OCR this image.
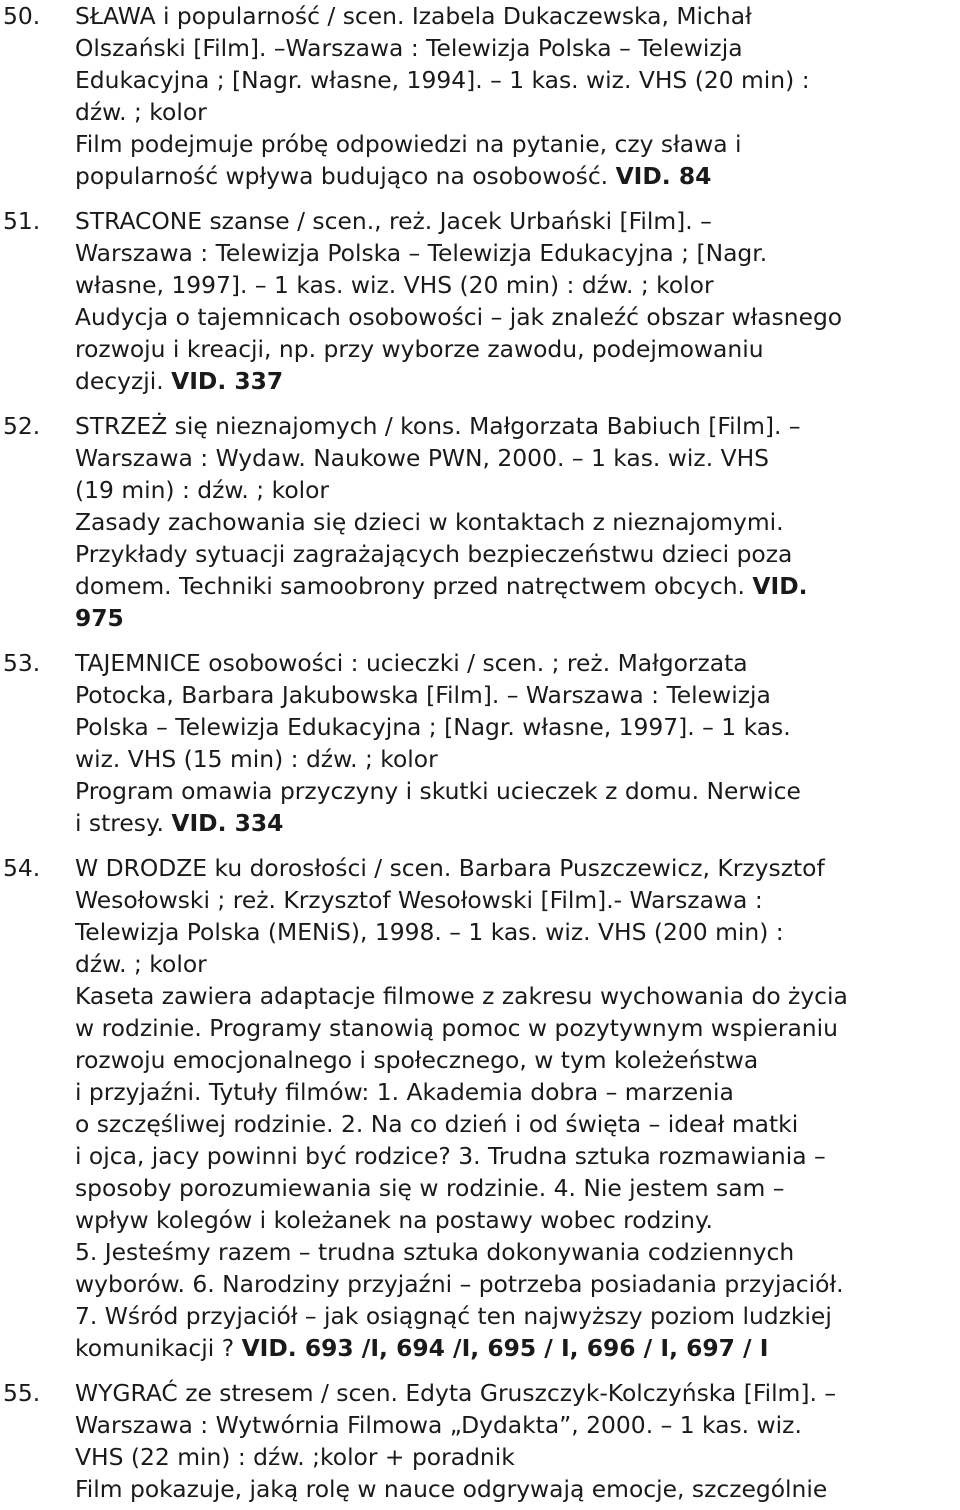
50. SŁAWA i popularność / scen. Izabela Dukaczewska, Michał
Olszański [Film]. –Warszawa : Telewizja Polska – Telewizja
Edukacyjna ; [Nagr. własne, 1994]. – 1 kas. wiz. VHS (20 min) :
dźw. ; kolor
Film podejmuje próbę odpowiedzi na pytanie, czy sława i
popularność wpływa budująco na osobowość. VID. 84
51. STRACONE szanse / scen., reż. Jacek Urbański [Film]. –
Warszawa : Telewizja Polska – Telewizja Edukacyjna ; [Nagr.
własne, 1997]. – 1 kas. wiz. VHS (20 min) : dźw. ; kolor
Audycja o tajemnicach osobowości – jak znaleźć obszar własnego
rozwoju i kreacji, np. przy wyborze zawodu, podejmowaniu
decyzji. VID. 337
52. STRZEŻ się nieznajomych / kons. Małgorzata Babiuch [Film]. –
Warszawa : Wydaw. Naukowe PWN, 2000. – 1 kas. wiz. VHS
(19 min) : dźw. ; kolor
Zasady zachowania się dzieci w kontaktach z nieznajomymi.
Przykłady sytuacji zagrażających bezpieczeństwu dzieci poza
domem. Techniki samoobrony przed natręctwem obcych. VID.
975
53. TAJEMNICE osobowości : ucieczki / scen. ; reż. Małgorzata
Potocka, Barbara Jakubowska [Film]. – Warszawa : Telewizja
Polska – Telewizja Edukacyjna ; [Nagr. własne, 1997]. – 1 kas.
wiz. VHS (15 min) : dźw. ; kolor
Program omawia przyczyny i skutki ucieczek z domu. Nerwice
i stresy. VID. 334
54. W DRODZE ku dorosłości / scen. Barbara Puszczewicz, Krzysztof
Wesołowski ; reż. Krzysztof Wesołowski [Film].- Warszawa :
Telewizja Polska (MENiS), 1998. – 1 kas. wiz. VHS (200 min) :
dźw. ; kolor
Kaseta zawiera adaptacje filmowe z zakresu wychowania do życia
w rodzinie. Programy stanowią pomoc w pozytywnym wspieraniu
rozwoju emocjonalnego i społecznego, w tym koleżeństwa
i przyjaźni. Tytuły filmów: 1. Akademia dobra – marzenia
o szczęśliwej rodzinie. 2. Na co dzień i od święta – ideał matki
i ojca, jacy powinni być rodzice? 3. Trudna sztuka rozmawiania –
sposoby porozumiewania się w rodzinie. 4. Nie jestem sam –
wpływ kolegów i koleżanek na postawy wobec rodziny.
5. Jesteśmy razem – trudna sztuka dokonywania codziennych
wyborów. 6. Narodziny przyjaźni – potrzeba posiadania przyjaciół.
7. Wśród przyjaciół – jak osiągnąć ten najwyższy poziom ludzkiej
komunikacji ? VID. 693 /I, 694 /I, 695 / I, 696 / I, 697 / I
55. WYGRAĆ ze stresem / scen. Edyta Gruszczyk-Kolczyńska [Film]. –
Warszawa : Wytwórnia Filmowa „Dydakta”, 2000. – 1 kas. wiz.
VHS (22 min) : dźw. ;kolor + poradnik
Film pokazuje, jaką rolę w nauce odgrywają emocje, szczególnie
